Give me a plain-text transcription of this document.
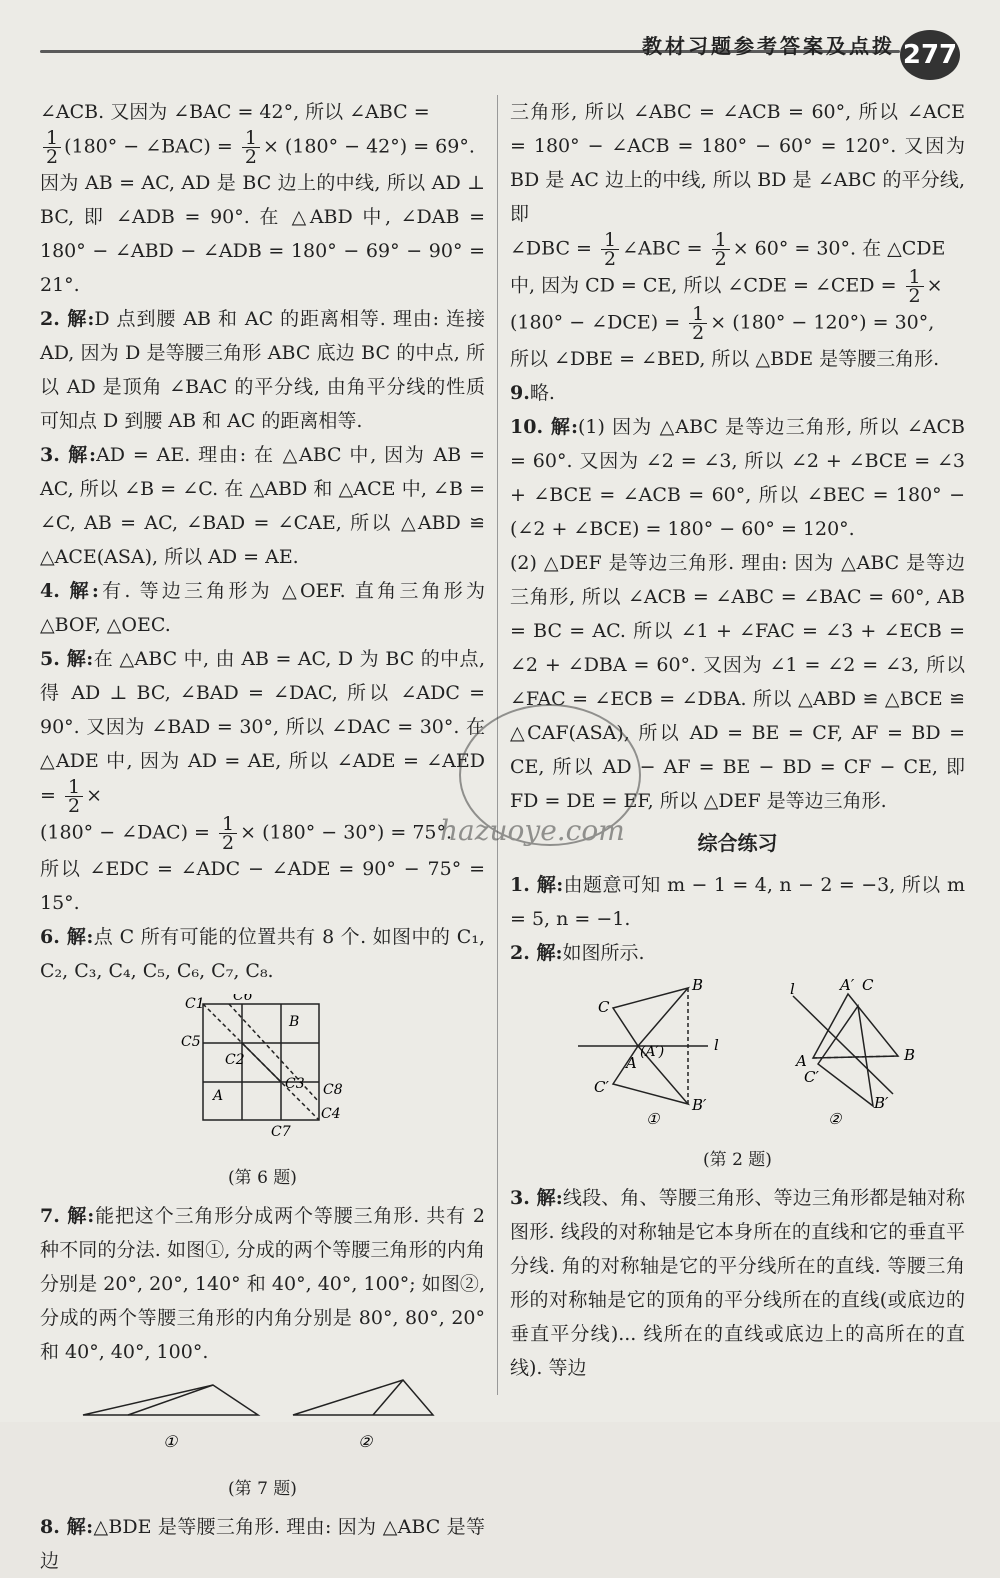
教材习题参考答案及点拨 277

∠ACB. 又因为 ∠BAC = 42°, 所以 ∠ABC =

$\frac{1}{2} (180^\circ$ − ∠BAC) = $\frac{1}{2} \times (180^\circ - 42^\circ) = 69^\circ$.

因为 AB = AC, AD 是 BC 边上的中线, 所以 AD ⊥ BC, 即 ∠ADB = 90°. 在 △ABD 中, ∠DAB = 180° − ∠ABD − ∠ADB = 180° − 69° − 90° = 21°.

2. 解:D 点到腰 AB 和 AC 的距离相等. 理由: 连接 AD, 因为 D 是等腰三角形 ABC 底边 BC 的中点, 所以 AD 是顶角 ∠BAC 的平分线, 由角平分线的性质可知点 D 到腰 AB 和 AC 的距离相等.

3. 解:AD = AE. 理由: 在 △ABC 中, 因为 AB = AC, 所以 ∠B = ∠C. 在 △ABD 和 △ACE 中, ∠B = ∠C, AB = AC, ∠BAD = ∠CAE, 所以 △ABD ≌ △ACE(ASA), 所以 AD = AE.

4. 解:有. 等边三角形为 △OEF. 直角三角形为 △BOF, △OEC.

5. 解:在 △ABC 中, 由 AB = AC, D 为 BC 的中点, 得 AD ⊥ BC, ∠BAD = ∠DAC, 所以 ∠ADC = 90°. 又因为 ∠BAD = 30°, 所以 ∠DAC = 30°. 在 △ADE 中, 因为 AD = AE, 所以 ∠ADE = ∠AED = $\frac{1}{2}$ ×

(180° − ∠DAC) = $\frac{1}{2} \times (180^\circ - 30^\circ) = 75^\circ$.

所以 ∠EDC = ∠ADC − ∠ADE = 90° − 75° = 15°.

6. 解:点 C 所有可能的位置共有 8 个. 如图中的 C₁, C₂, C₃, C₄, C₅, C₆, C₇, C₈.

C1
C2
C3
C4
C5
C6
C7
C8
A
B
(第 6 题)

7. 解:能把这个三角形分成两个等腰三角形. 共有 2 种不同的分法. 如图①, 分成的两个等腰三角形的内角分别是 20°, 20°, 140° 和 40°, 40°, 100°; 如图②, 分成的两个等腰三角形的内角分别是 80°, 80°, 20° 和 40°, 40°, 100°.

①	②
(第 7 题)

8. 解:△BDE 是等腰三角形. 理由: 因为 △ABC 是等边

三角形, 所以 ∠ABC = ∠ACB = 60°, 所以 ∠ACE = 180° − ∠ACB = 180° − 60° = 120°. 又因为 BD 是 AC 边上的中线, 所以 BD 是 ∠ABC 的平分线, 即

∠DBC = $\frac{1}{2}$ ∠ABC = $\frac{1}{2} \times 60^\circ = 30^\circ$. 在 △CDE

中, 因为 CD = CE, 所以 ∠CDE = ∠CED = $\frac{1}{2}$ ×

(180° − ∠DCE) = $\frac{1}{2} \times (180^\circ - 120^\circ) = 30^\circ$,

所以 ∠DBE = ∠BED, 所以 △BDE 是等腰三角形.

9.略.

10. 解:(1) 因为 △ABC 是等边三角形, 所以 ∠ACB = 60°. 又因为 ∠2 = ∠3, 所以 ∠2 + ∠BCE = ∠3 + ∠BCE = ∠ACB = 60°, 所以 ∠BEC = 180° − (∠2 + ∠BCE) = 180° − 60° = 120°.

(2) △DEF 是等边三角形. 理由: 因为 △ABC 是等边三角形, 所以 ∠ACB = ∠ABC = ∠BAC = 60°, AB = BC = AC. 所以 ∠1 + ∠FAC = ∠3 + ∠ECB = ∠2 + ∠DBA = 60°. 又因为 ∠1 = ∠2 = ∠3, 所以 ∠FAC = ∠ECB = ∠DBA. 所以 △ABD ≌ △BCE ≌ △CAF(ASA), 所以 AD = BE = CF, AF = BD = CE, 所以 AD − AF = BE − BD = CF − CE, 即 FD = DE = EF, 所以 △DEF 是等边三角形.

综合练习

1. 解:由题意可知 m − 1 = 4, n − 2 = −3, 所以 m = 5, n = −1.

2. 解:如图所示.

C
B
A
(A′)
C′
B′
l
①
A′ C
l
A
C′
B
B′
②
(第 2 题)

3. 解:线段、角、等腰三角形、等边三角形都是轴对称图形. 线段的对称轴是它本身所在的直线和它的垂直平分线. 角的对称轴是它的平分线所在的直线. 等腰三角形的对称轴是它的顶角的平分线所在的直线(或底边的垂直平分线)... 线所在的直线或底边上的高所在的直线). 等边

hazuoye.com
